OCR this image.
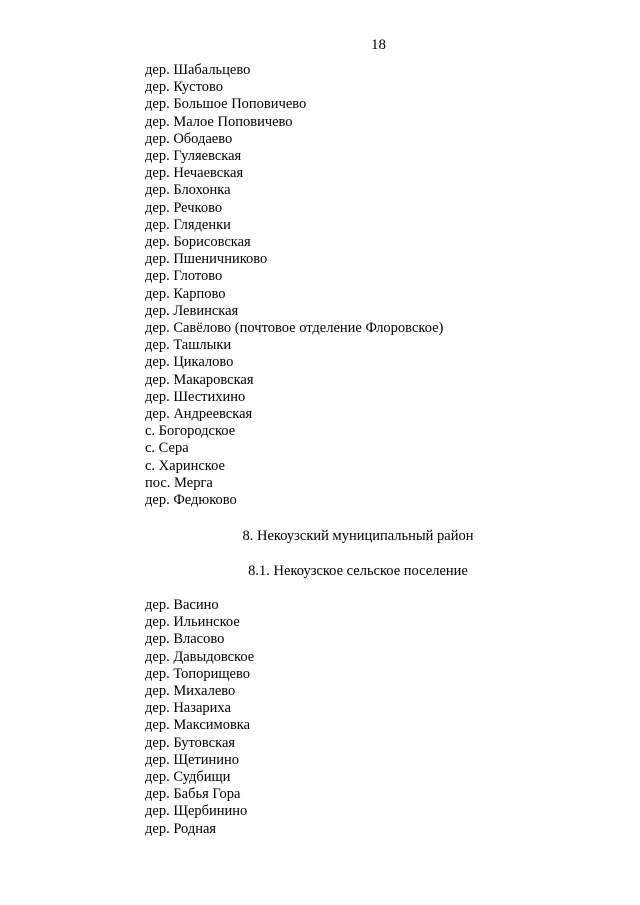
18
дер. Шабальцево
дер. Кустово
дер. Большое Поповичево
дер. Малое Поповичево
дер. Ободаево
дер. Гуляевская
дер. Нечаевская
дер. Блохонка
дер. Речково
дер. Гляденки
дер. Борисовская
дер. Пшеничниково
дер. Глотово
дер. Карпово
дер. Левинская
дер. Савёлово (почтовое отделение Флоровское)
дер. Ташлыки
дер. Цикалово
дер. Макаровская
дер. Шестихино
дер. Андреевская
с. Богородское
с. Сера
с. Харинское
пос. Мерга
дер. Федюково
8. Некоузский муниципальный район
8.1. Некоузское сельское поселение
дер. Васино
дер. Ильинское
дер. Власово
дер. Давыдовское
дер. Топорищево
дер. Михалево
дер. Назариха
дер. Максимовка
дер. Бутовская
дер. Щетинино
дер. Судбищи
дер. Бабья Гора
дер. Щербинино
дер. Родная
